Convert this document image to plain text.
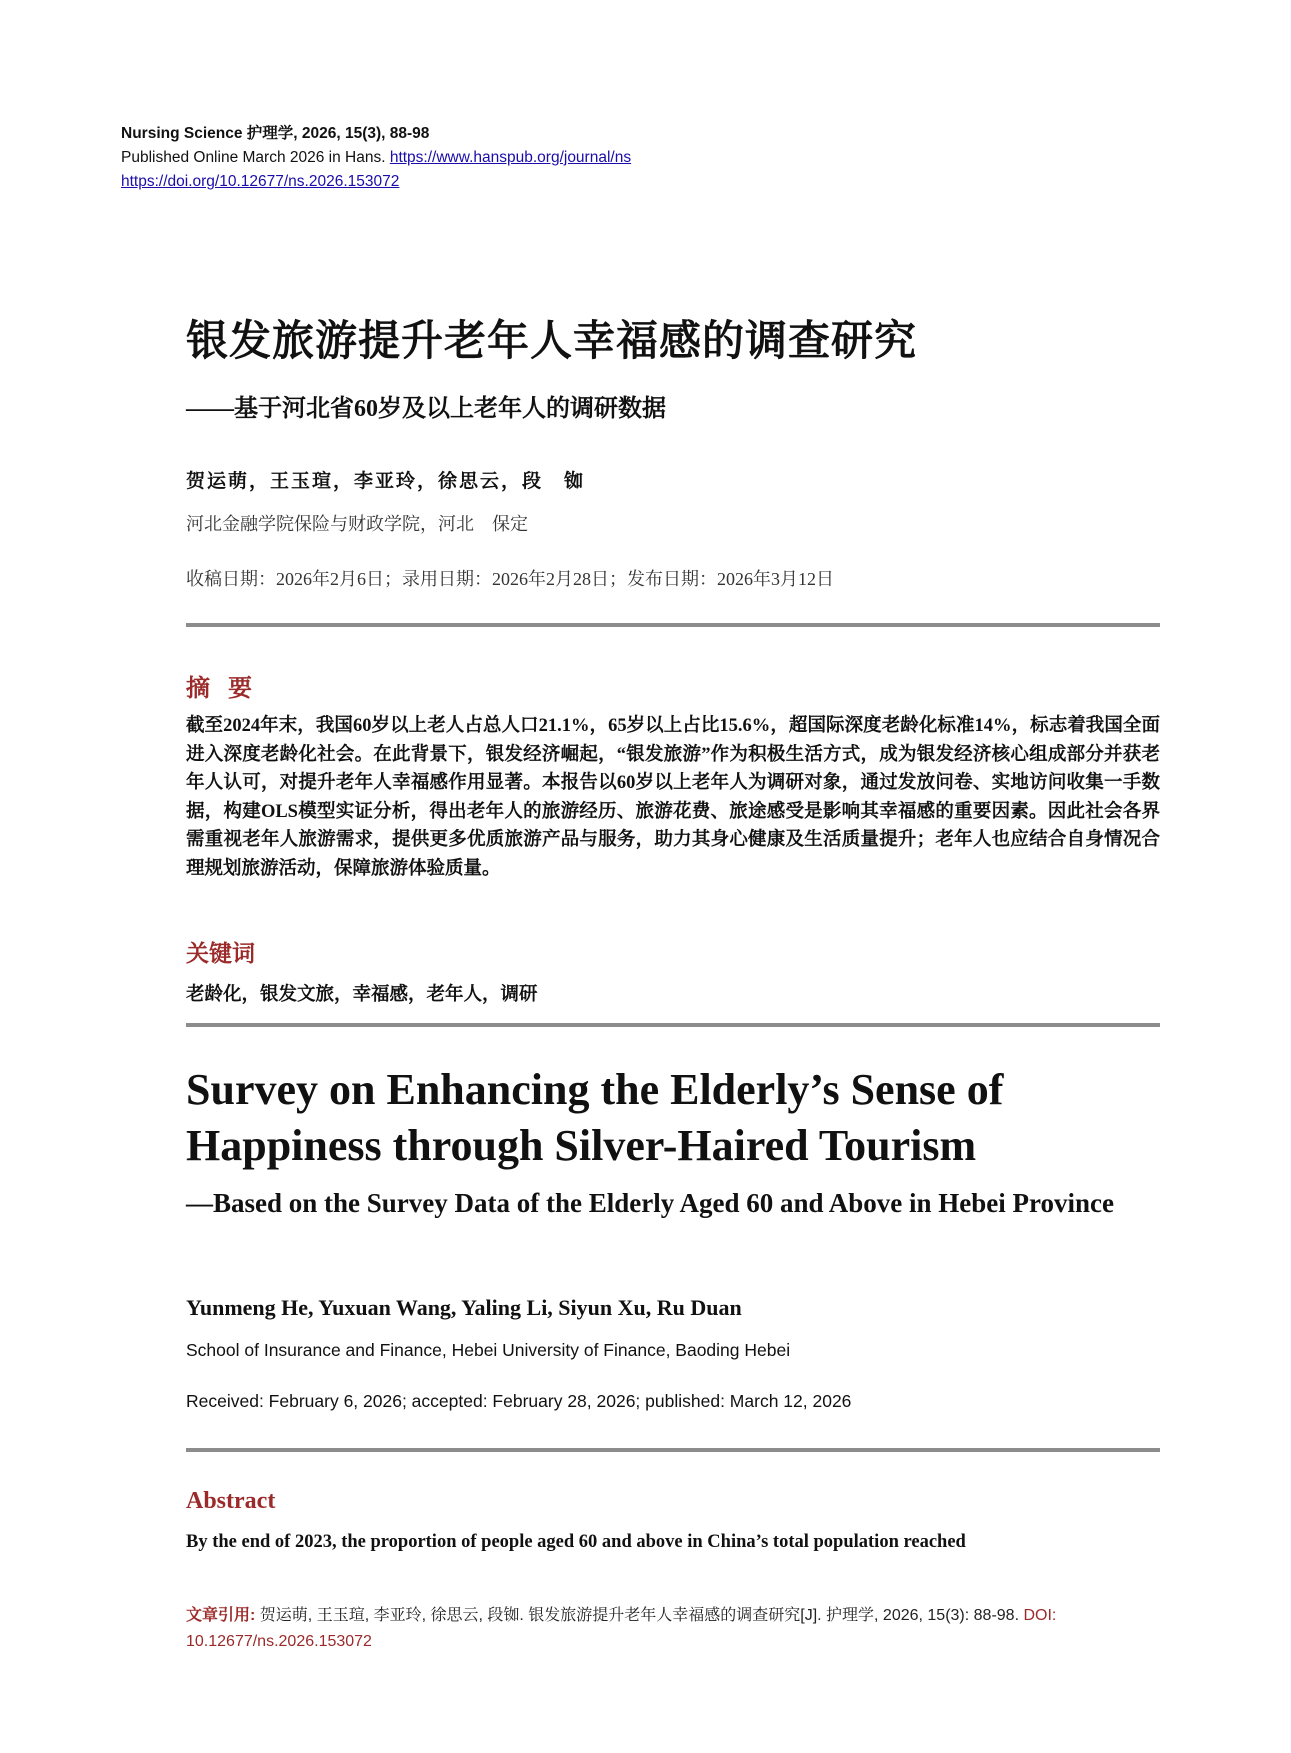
Nursing Science 护理学, 2026, 15(3), 88-98
Published Online March 2026 in Hans. https://www.hanspub.org/journal/ns
https://doi.org/10.12677/ns.2026.153072
银发旅游提升老年人幸福感的调查研究
——基于河北省60岁及以上老年人的调研数据
贺运萌，王玉瑄，李亚玲，徐思云，段　铷
河北金融学院保险与财政学院，河北　保定
收稿日期：2026年2月6日；录用日期：2026年2月28日；发布日期：2026年3月12日
摘要
截至2024年末，我国60岁以上老人占总人口21.1%，65岁以上占比15.6%，超国际深度老龄化标准14%，标志着我国全面进入深度老龄化社会。在此背景下，银发经济崛起，“银发旅游”作为积极生活方式，成为银发经济核心组成部分并获老年人认可，对提升老年人幸福感作用显著。本报告以60岁以上老年人为调研对象，通过发放问卷、实地访问收集一手数据，构建OLS模型实证分析，得出老年人的旅游经历、旅游花费、旅途感受是影响其幸福感的重要因素。因此社会各界需重视老年人旅游需求，提供更多优质旅游产品与服务，助力其身心健康及生活质量提升；老年人也应结合自身情况合理规划旅游活动，保障旅游体验质量。
关键词
老龄化，银发文旅，幸福感，老年人，调研
Survey on Enhancing the Elderly’s Sense of Happiness through Silver-Haired Tourism
—Based on the Survey Data of the Elderly Aged 60 and Above in Hebei Province
Yunmeng He, Yuxuan Wang, Yaling Li, Siyun Xu, Ru Duan
School of Insurance and Finance, Hebei University of Finance, Baoding Hebei
Received: February 6, 2026; accepted: February 28, 2026; published: March 12, 2026
Abstract
By the end of 2023, the proportion of people aged 60 and above in China’s total population reached
文章引用: 贺运萌, 王玉瑄, 李亚玲, 徐思云, 段铷. 银发旅游提升老年人幸福感的调查研究[J]. 护理学, 2026, 15(3): 88-98. DOI: 10.12677/ns.2026.153072
